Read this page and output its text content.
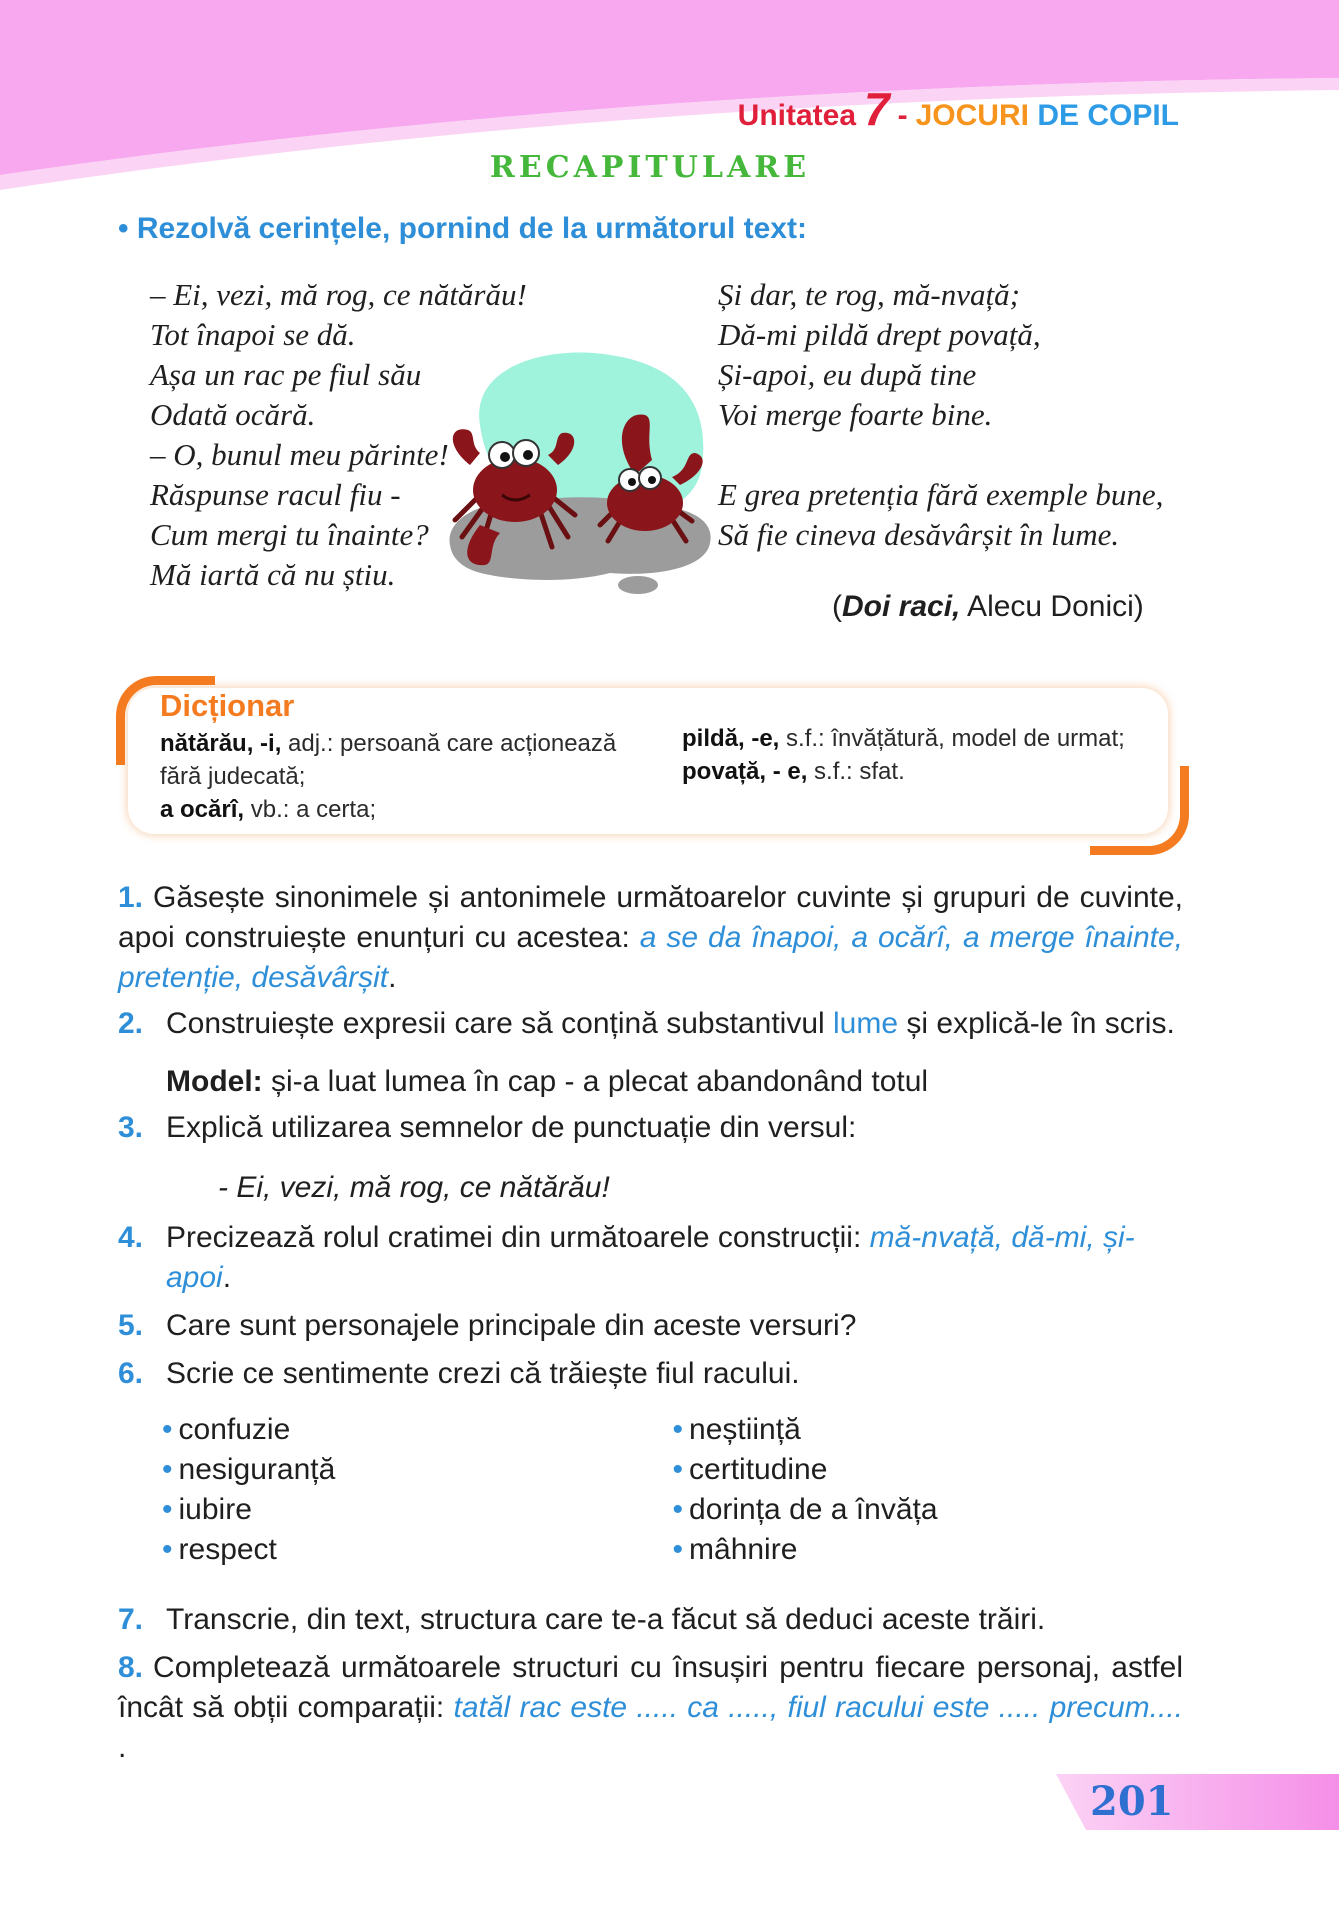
Unitatea 7 - JOCURI DE COPIL
RECAPITULARE
• Rezolvă cerințele, pornind de la următorul text:
– Ei, vezi, mă rog, ce nătărău!
Tot înapoi se dă.
Așa un rac pe fiul său
Odată ocără.
– O, bunul meu părinte!
Răspunse racul fiu -
Cum mergi tu înainte?
Mă iartă că nu știu.
Și dar, te rog, mă-nvață;
Dă-mi pildă drept povață,
Și-apoi, eu după tine
Voi merge foarte bine.
E grea pretenția fără exemple bune,
Să fie cineva desăvârșit în lume.
(Doi raci, Alecu Donici)
Dicționar
nătărău, -i, adj.: persoană care acționează
fără judecată;
a ocărî, vb.: a certa;
pildă, -e, s.f.: învățătură, model de urmat;
povață, - e, s.f.: sfat.
1. Găsește sinonimele și antonimele următoarelor cuvinte și grupuri de cuvinte, apoi construiește enunțuri cu acestea: a se da înapoi, a ocărî, a merge înainte, pretenție, desăvârșit.
2. Construiește expresii care să conțină substantivul lume și explică-le în scris.
Model: și-a luat lumea în cap - a plecat abandonând totul
3. Explică utilizarea semnelor de punctuație din versul:
- Ei, vezi, mă rog, ce nătărău!
4. Precizează rolul cratimei din următoarele construcții: mă-nvață, dă-mi, și-apoi.
5. Care sunt personajele principale din aceste versuri?
6. Scrie ce sentimente crezi că trăiește fiul racului.
• confuzie
• nesiguranță
• iubire
• respect
• neștiință
• certitudine
• dorința de a învăța
• mâhnire
7. Transcrie, din text, structura care te-a făcut să deduci aceste trăiri.
8. Completează următoarele structuri cu însușiri pentru fiecare personaj, astfel încât să obții comparații: tatăl rac este ..... ca ....., fiul racului este ..... precum.... .
201
